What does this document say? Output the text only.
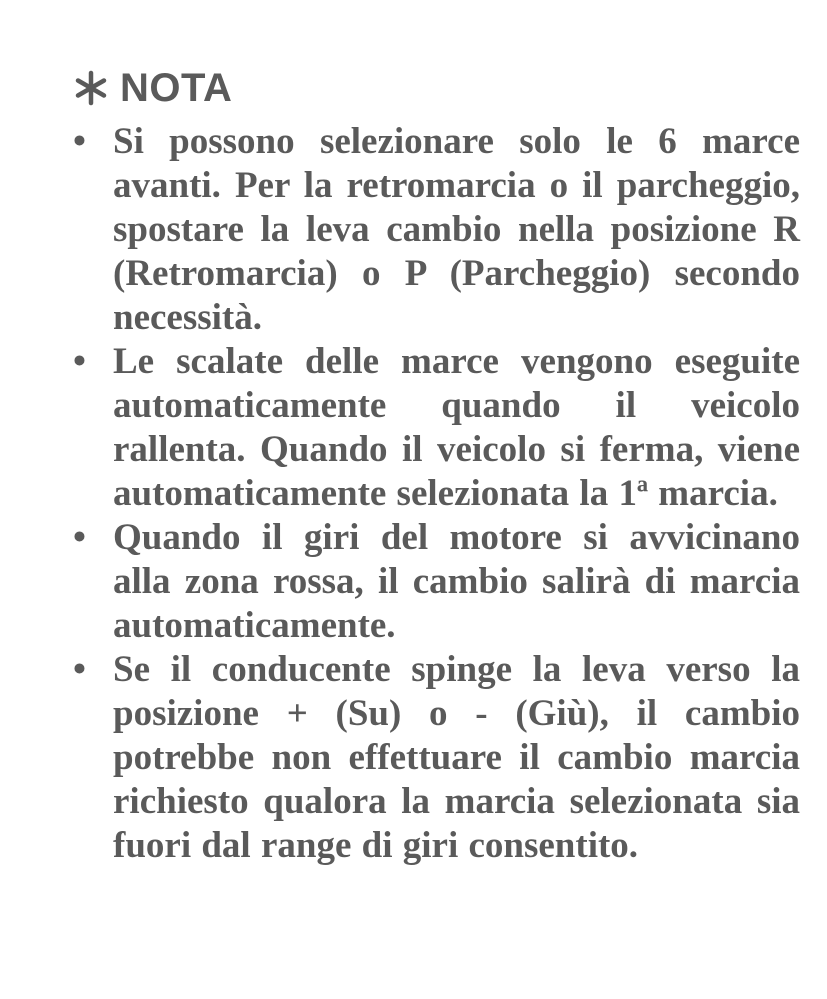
NOTA
• Si possono selezionare solo le 6 marce avanti. Per la retromarcia o il parcheggio, spostare la leva cambio nella posizione R (Retromarcia) o P (Parcheggio) secondo necessità.
• Le scalate delle marce vengono eseguite automaticamente quando il veicolo rallenta. Quando il veicolo si ferma, viene automaticamente selezionata la 1ª marcia.
• Quando il giri del motore si avvicinano alla zona rossa, il cambio salirà di marcia automaticamente.
• Se il conducente spinge la leva verso la posizione + (Su) o - (Giù), il cambio potrebbe non effettuare il cambio marcia richiesto qualora la marcia selezionata sia fuori dal range di giri consentito.
